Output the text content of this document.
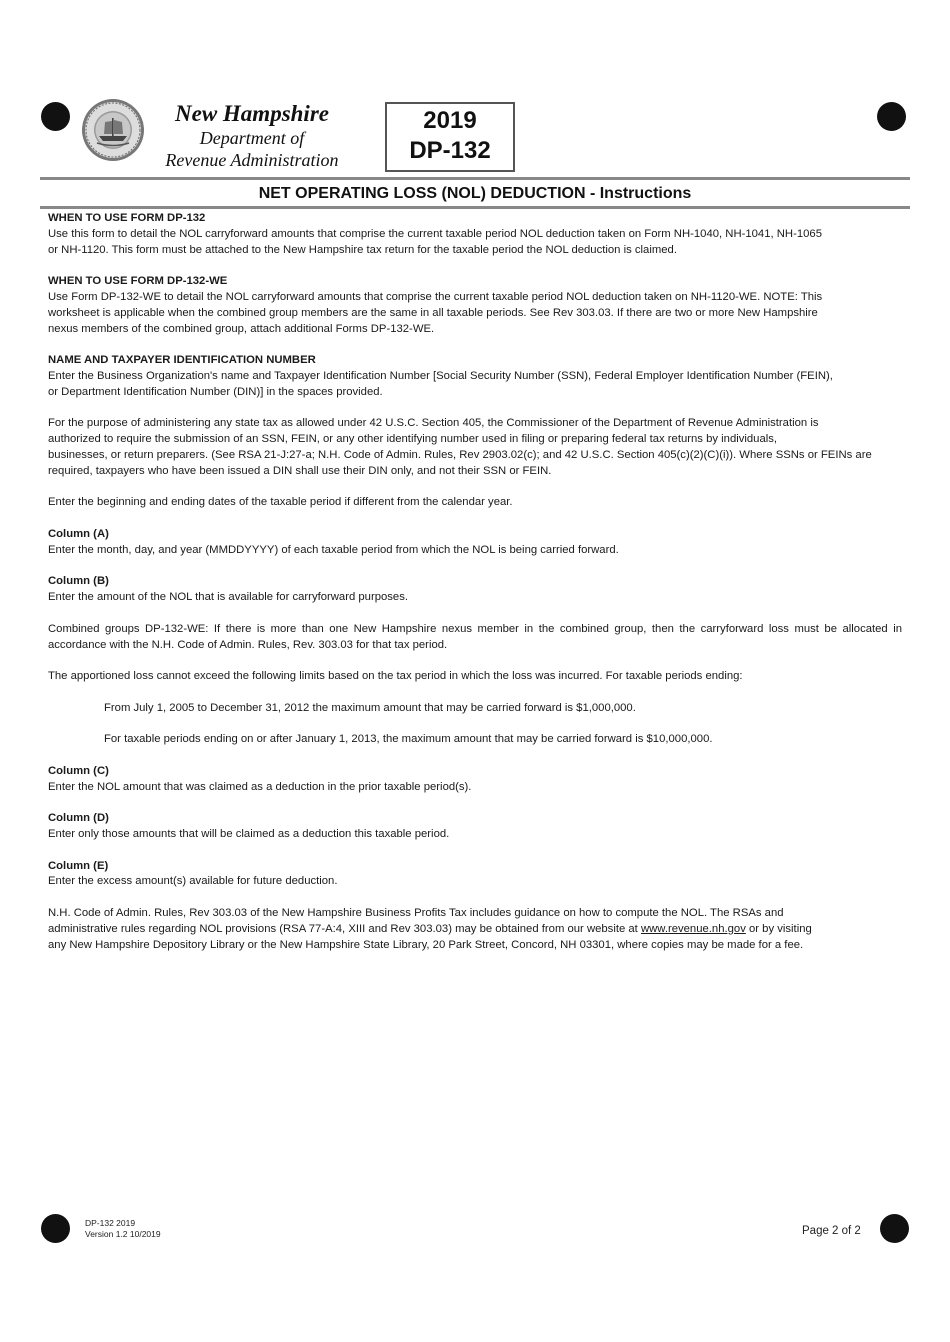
New Hampshire
Department of
Revenue Administration
2019
DP-132
NET OPERATING LOSS (NOL) DEDUCTION - Instructions

WHEN TO USE FORM DP-132

Use this form to detail the NOL carryforward amounts that comprise the current taxable period NOL deduction taken on Form NH-1040, NH-1041, NH-1065

or NH-1120. This form must be attached to the New Hampshire tax return for the taxable period the NOL deduction is claimed.

WHEN TO USE FORM DP-132-WE

Use Form DP-132-WE to detail the NOL carryforward amounts that comprise the current taxable period NOL deduction taken on NH-1120-WE. NOTE: This

worksheet is applicable when the combined group members are the same in all taxable periods. See Rev 303.03. If there are two or more New Hampshire

nexus members of the combined group, attach additional Forms DP-132-WE.

NAME AND TAXPAYER IDENTIFICATION NUMBER

Enter the Business Organization's name and Taxpayer Identification Number [Social Security Number (SSN), Federal Employer Identification Number (FEIN),

or Department Identification Number (DIN)] in the spaces provided.

For the purpose of administering any state tax as allowed under 42 U.S.C. Section 405, the Commissioner of the Department of Revenue Administration is

authorized to require the submission of an SSN, FEIN, or any other identifying number used in filing or preparing federal tax returns by individuals,

businesses, or return preparers. (See RSA 21-J:27-a; N.H. Code of Admin. Rules, Rev 2903.02(c); and 42 U.S.C. Section 405(c)(2)(C)(i)). Where SSNs or FEINs are

required, taxpayers who have been issued a DIN shall use their DIN only, and not their SSN or FEIN.

Enter the beginning and ending dates of the taxable period if different from the calendar year.

Column (A)

Enter the month, day, and year (MMDDYYYY) of each taxable period from which the NOL is being carried forward.

Column (B)

Enter the amount of the NOL that is available for carryforward purposes.

Combined groups DP-132-WE: If there is more than one New Hampshire nexus member in the combined group, then the carryforward loss must be allocated in accordance with the N.H. Code of Admin. Rules, Rev. 303.03 for that tax period.

The apportioned loss cannot exceed the following limits based on the tax period in which the loss was incurred. For taxable periods ending:

From July 1, 2005 to December 31, 2012 the maximum amount that may be carried forward is $1,000,000.

For taxable periods ending on or after January 1, 2013, the maximum amount that may be carried forward is $10,000,000.

Column (C)

Enter the NOL amount that was claimed as a deduction in the prior taxable period(s).

Column (D)

Enter only those amounts that will be claimed as a deduction this taxable period.

Column (E)

Enter the excess amount(s) available for future deduction.

N.H. Code of Admin. Rules, Rev 303.03 of the New Hampshire Business Profits Tax includes guidance on how to compute the NOL. The RSAs and

administrative rules regarding NOL provisions (RSA 77-A:4, XIII and Rev 303.03) may be obtained from our website at www.revenue.nh.gov or by visiting

any New Hampshire Depository Library or the New Hampshire State Library, 20 Park Street, Concord, NH 03301, where copies may be made for a fee.

DP-132 2019
Version 1.2 10/2019	Page 2 of 2
